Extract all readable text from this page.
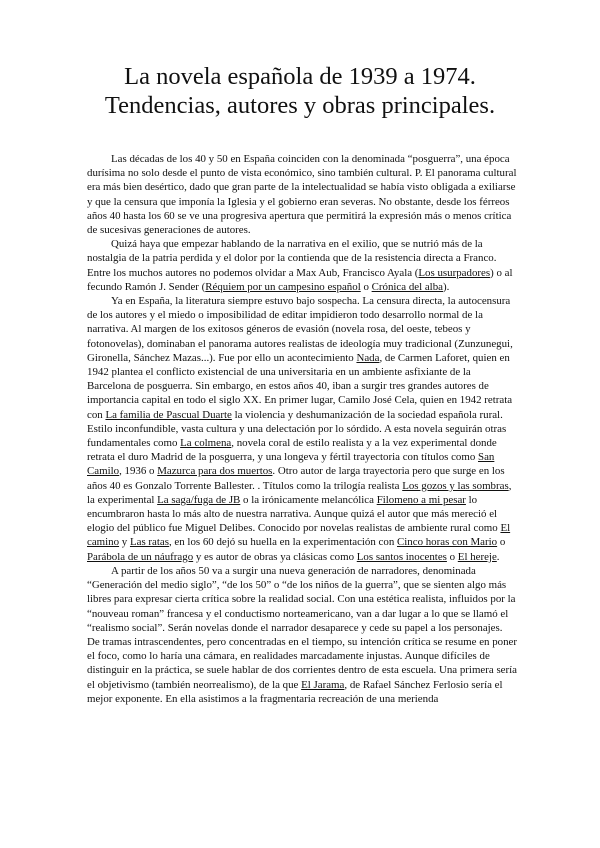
La novela española de 1939 a 1974.
Tendencias, autores y obras principales.

Las décadas de los 40 y 50 en España coinciden con la denominada “posguerra”, una época durísima no solo desde el punto de vista económico, sino también cultural. P. El panorama cultural era más bien desértico, dado que gran parte de la intelectualidad se había visto obligada a exiliarse y que la censura que imponía la Iglesia y el gobierno eran severas. No obstante, desde los férreos años 40 hasta los 60 se ve una progresiva apertura que permitirá la expresión más o menos crítica de sucesivas generaciones de autores.

Quizá haya que empezar hablando de la narrativa en el exilio, que se nutrió más de la nostalgia de la patria perdida y el dolor por la contienda que de la resistencia directa a Franco. Entre los muchos autores no podemos olvidar a Max Aub, Francisco Ayala (Los usurpadores) o al fecundo Ramón J. Sender (Réquiem por un campesino español o Crónica del alba).

Ya en España, la literatura siempre estuvo bajo sospecha. La censura directa, la autocensura de los autores y el miedo o imposibilidad de editar impidieron todo desarrollo normal de la narrativa. Al margen de los exitosos géneros de evasión (novela rosa, del oeste, tebeos y fotonovelas), dominaban el panorama autores realistas de ideología muy tradicional (Zunzunegui, Gironella, Sánchez Mazas...). Fue por ello un acontecimiento Nada, de Carmen Laforet, quien en 1942 plantea el conflicto existencial de una universitaria en un ambiente asfixiante de la Barcelona de posguerra. Sin embargo, en estos años 40, iban a surgir tres grandes autores de importancia capital en todo el siglo XX. En primer lugar, Camilo José Cela, quien en 1942 retrata con La familia de Pascual Duarte la violencia y deshumanización de la sociedad española rural. Estilo inconfundible, vasta cultura y una delectación por lo sórdido. A esta novela seguirán otras fundamentales como La colmena, novela coral de estilo realista y a la vez experimental donde retrata el duro Madrid de la posguerra, y una longeva y fértil trayectoria con títulos como San Camilo, 1936 o Mazurca para dos muertos. Otro autor de larga trayectoria pero que surge en los años 40 es Gonzalo Torrente Ballester. . Títulos como la trilogía realista Los gozos y las sombras, la experimental La saga/fuga de JB o la irónicamente melancólica Filomeno a mi pesar lo encumbraron hasta lo más alto de nuestra narrativa. Aunque quizá el autor que más mereció el elogio del público fue Miguel Delibes. Conocido por novelas realistas de ambiente rural como El camino y Las ratas, en los 60 dejó su huella en la experimentación con Cinco horas con Mario o Parábola de un náufrago y es autor de obras ya clásicas como Los santos inocentes o El hereje.

A partir de los años 50 va a surgir una nueva generación de narradores, denominada “Generación del medio siglo”, “de los 50” o “de los niños de la guerra”, que se sienten algo más libres para expresar cierta crítica sobre la realidad social. Con una estética realista, influidos por la “nouveau roman” francesa y el conductismo norteamericano, van a dar lugar a lo que se llamó el “realismo social”. Serán novelas donde el narrador desaparece y cede su papel a los personajes. De tramas intrascendentes, pero concentradas en el tiempo, su intención crítica se resume en poner el foco, como lo haría una cámara, en realidades marcadamente injustas. Aunque difíciles de distinguir en la práctica, se suele hablar de dos corrientes dentro de esta escuela. Una primera sería el objetivismo (también neorrealismo), de la que El Jarama, de Rafael Sánchez Ferlosio sería el mejor exponente. En ella asistimos a la fragmentaria recreación de una merienda
